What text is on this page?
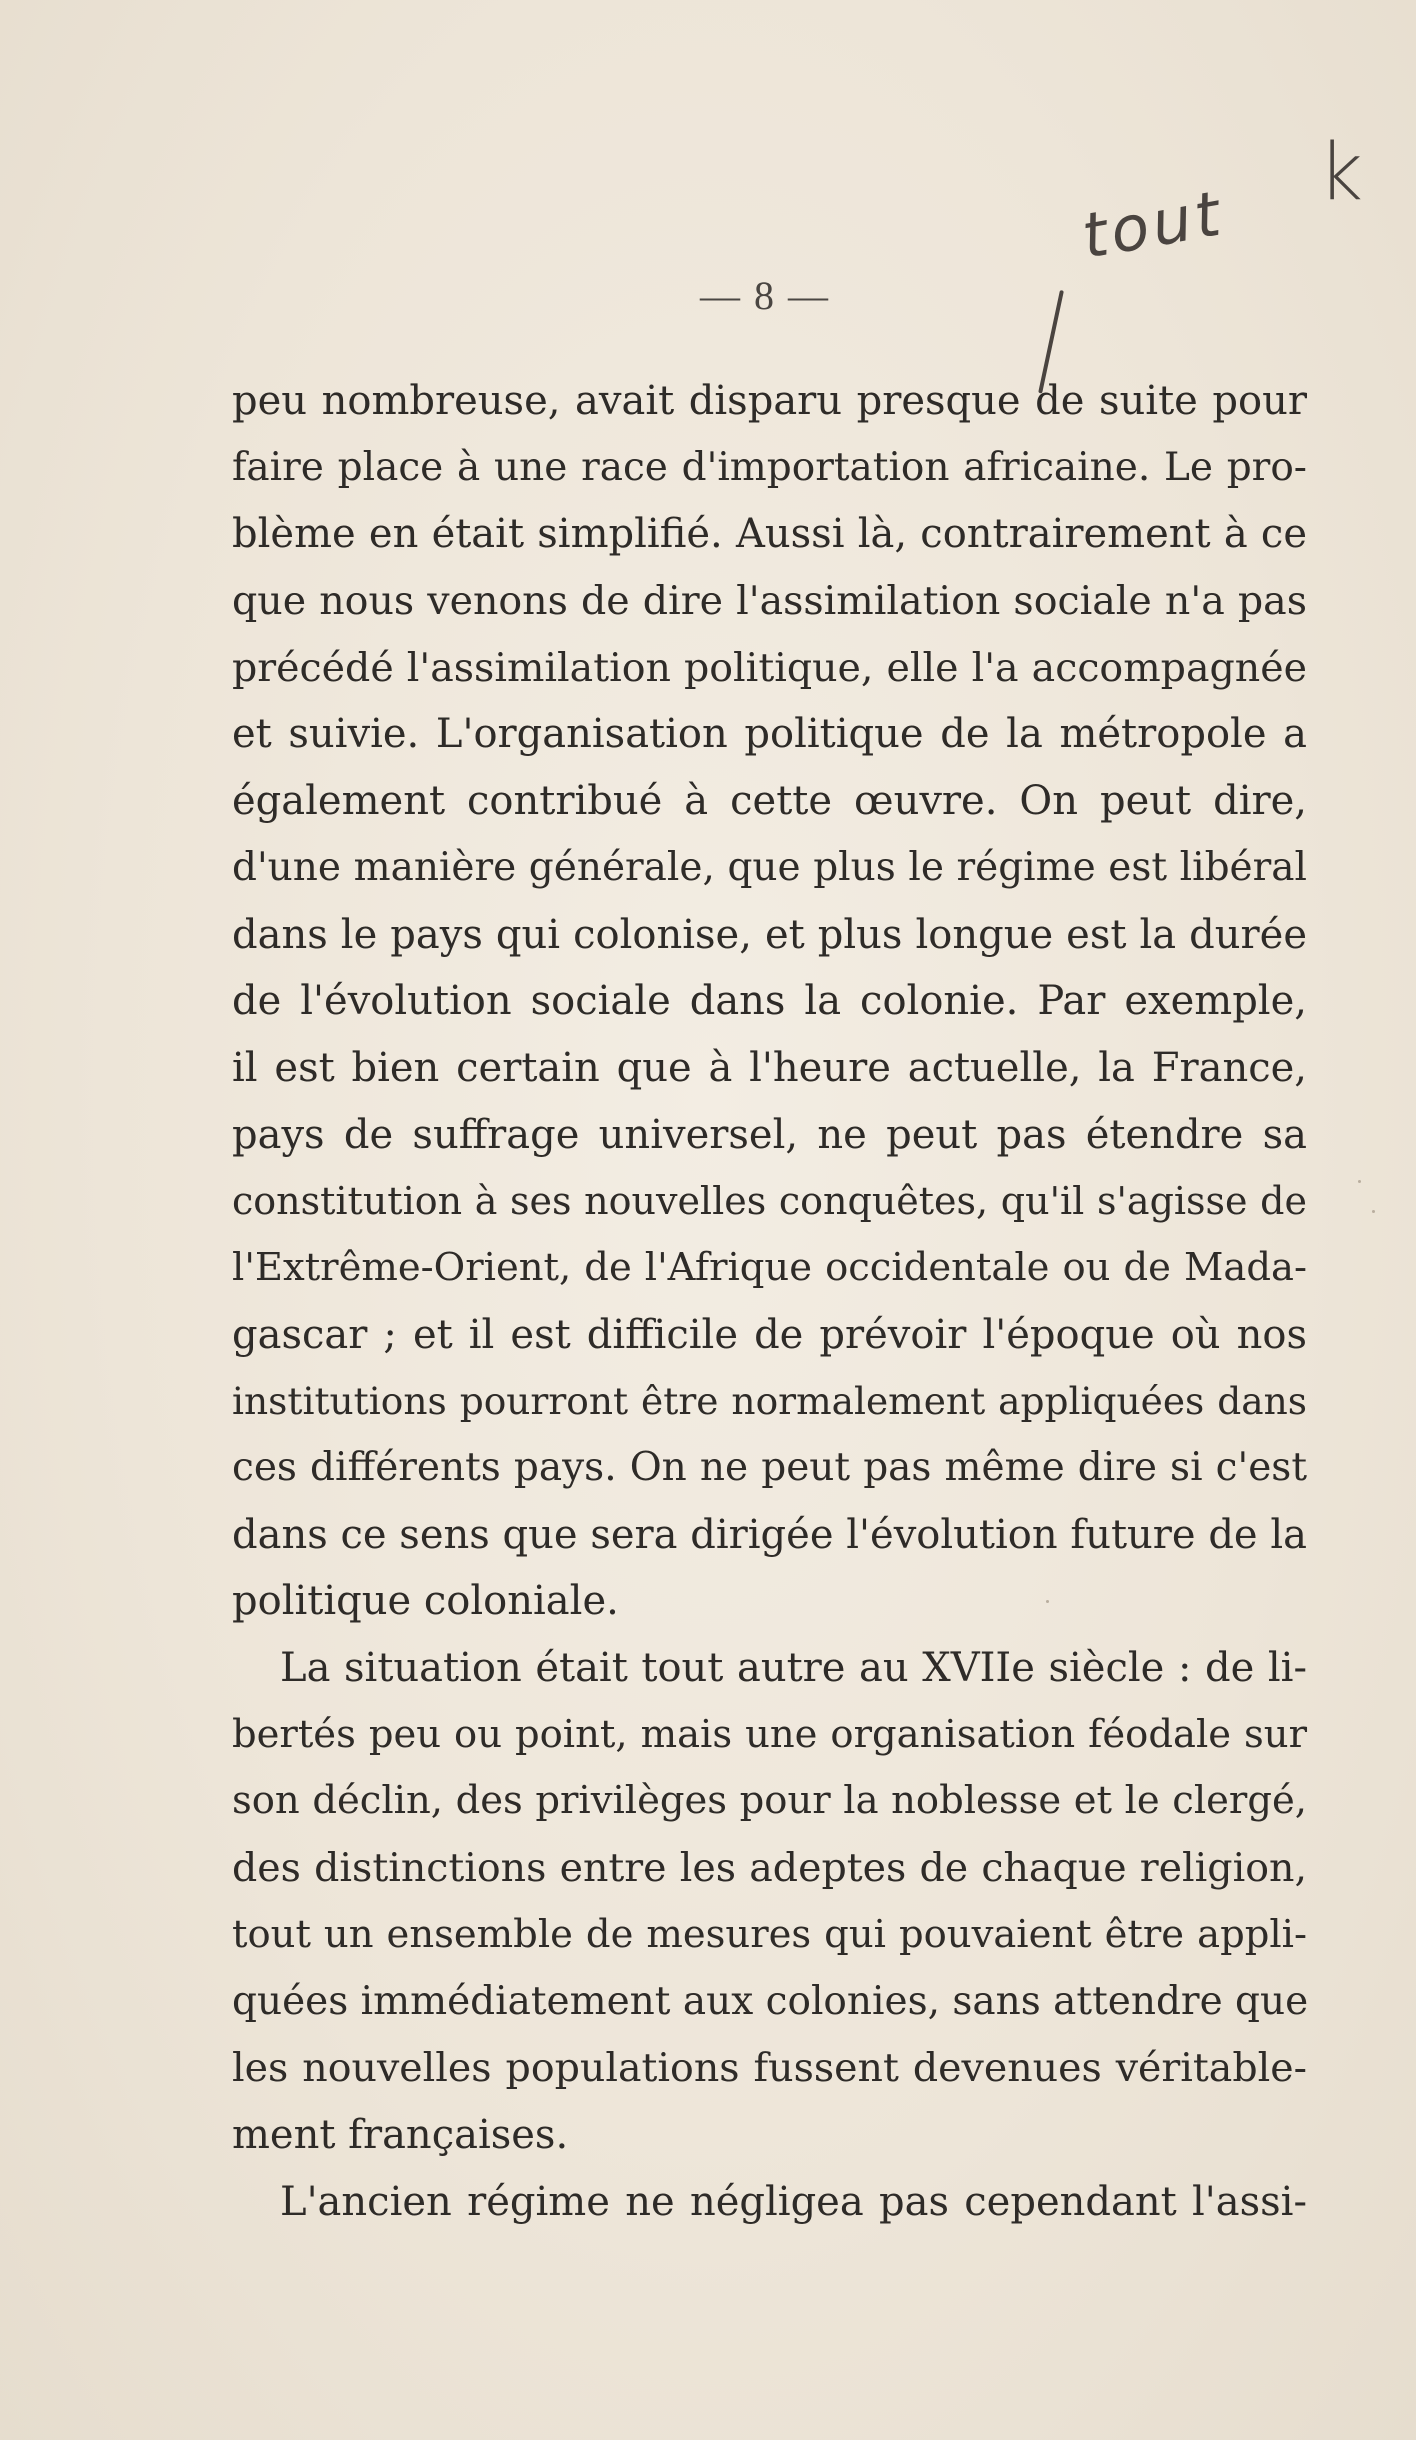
— 8 —
tout
k
peu nombreuse, avait disparu presque de suite pour
faire place à une race d'importation africaine. Le pro-
blème en était simplifié. Aussi là, contrairement à ce
que nous venons de dire l'assimilation sociale n'a pas
précédé l'assimilation politique, elle l'a accompagnée
et suivie. L'organisation politique de la métropole a
également contribué à cette œuvre. On peut dire,
d'une manière générale, que plus le régime est libéral
dans le pays qui colonise, et plus longue est la durée
de l'évolution sociale dans la colonie. Par exemple,
il est bien certain que à l'heure actuelle, la France,
pays de suffrage universel, ne peut pas étendre sa
constitution à ses nouvelles conquêtes, qu'il s'agisse de
l'Extrême-Orient, de l'Afrique occidentale ou de Mada-
gascar ; et il est difficile de prévoir l'époque où nos
institutions pourront être normalement appliquées dans
ces différents pays. On ne peut pas même dire si c'est
dans ce sens que sera dirigée l'évolution future de la
politique coloniale.
La situation était tout autre au XVIIe siècle : de li-
bertés peu ou point, mais une organisation féodale sur
son déclin, des privilèges pour la noblesse et le clergé,
des distinctions entre les adeptes de chaque religion,
tout un ensemble de mesures qui pouvaient être appli-
quées immédiatement aux colonies, sans attendre que
les nouvelles populations fussent devenues véritable-
ment françaises.
L'ancien régime ne négligea pas cependant l'assi-
